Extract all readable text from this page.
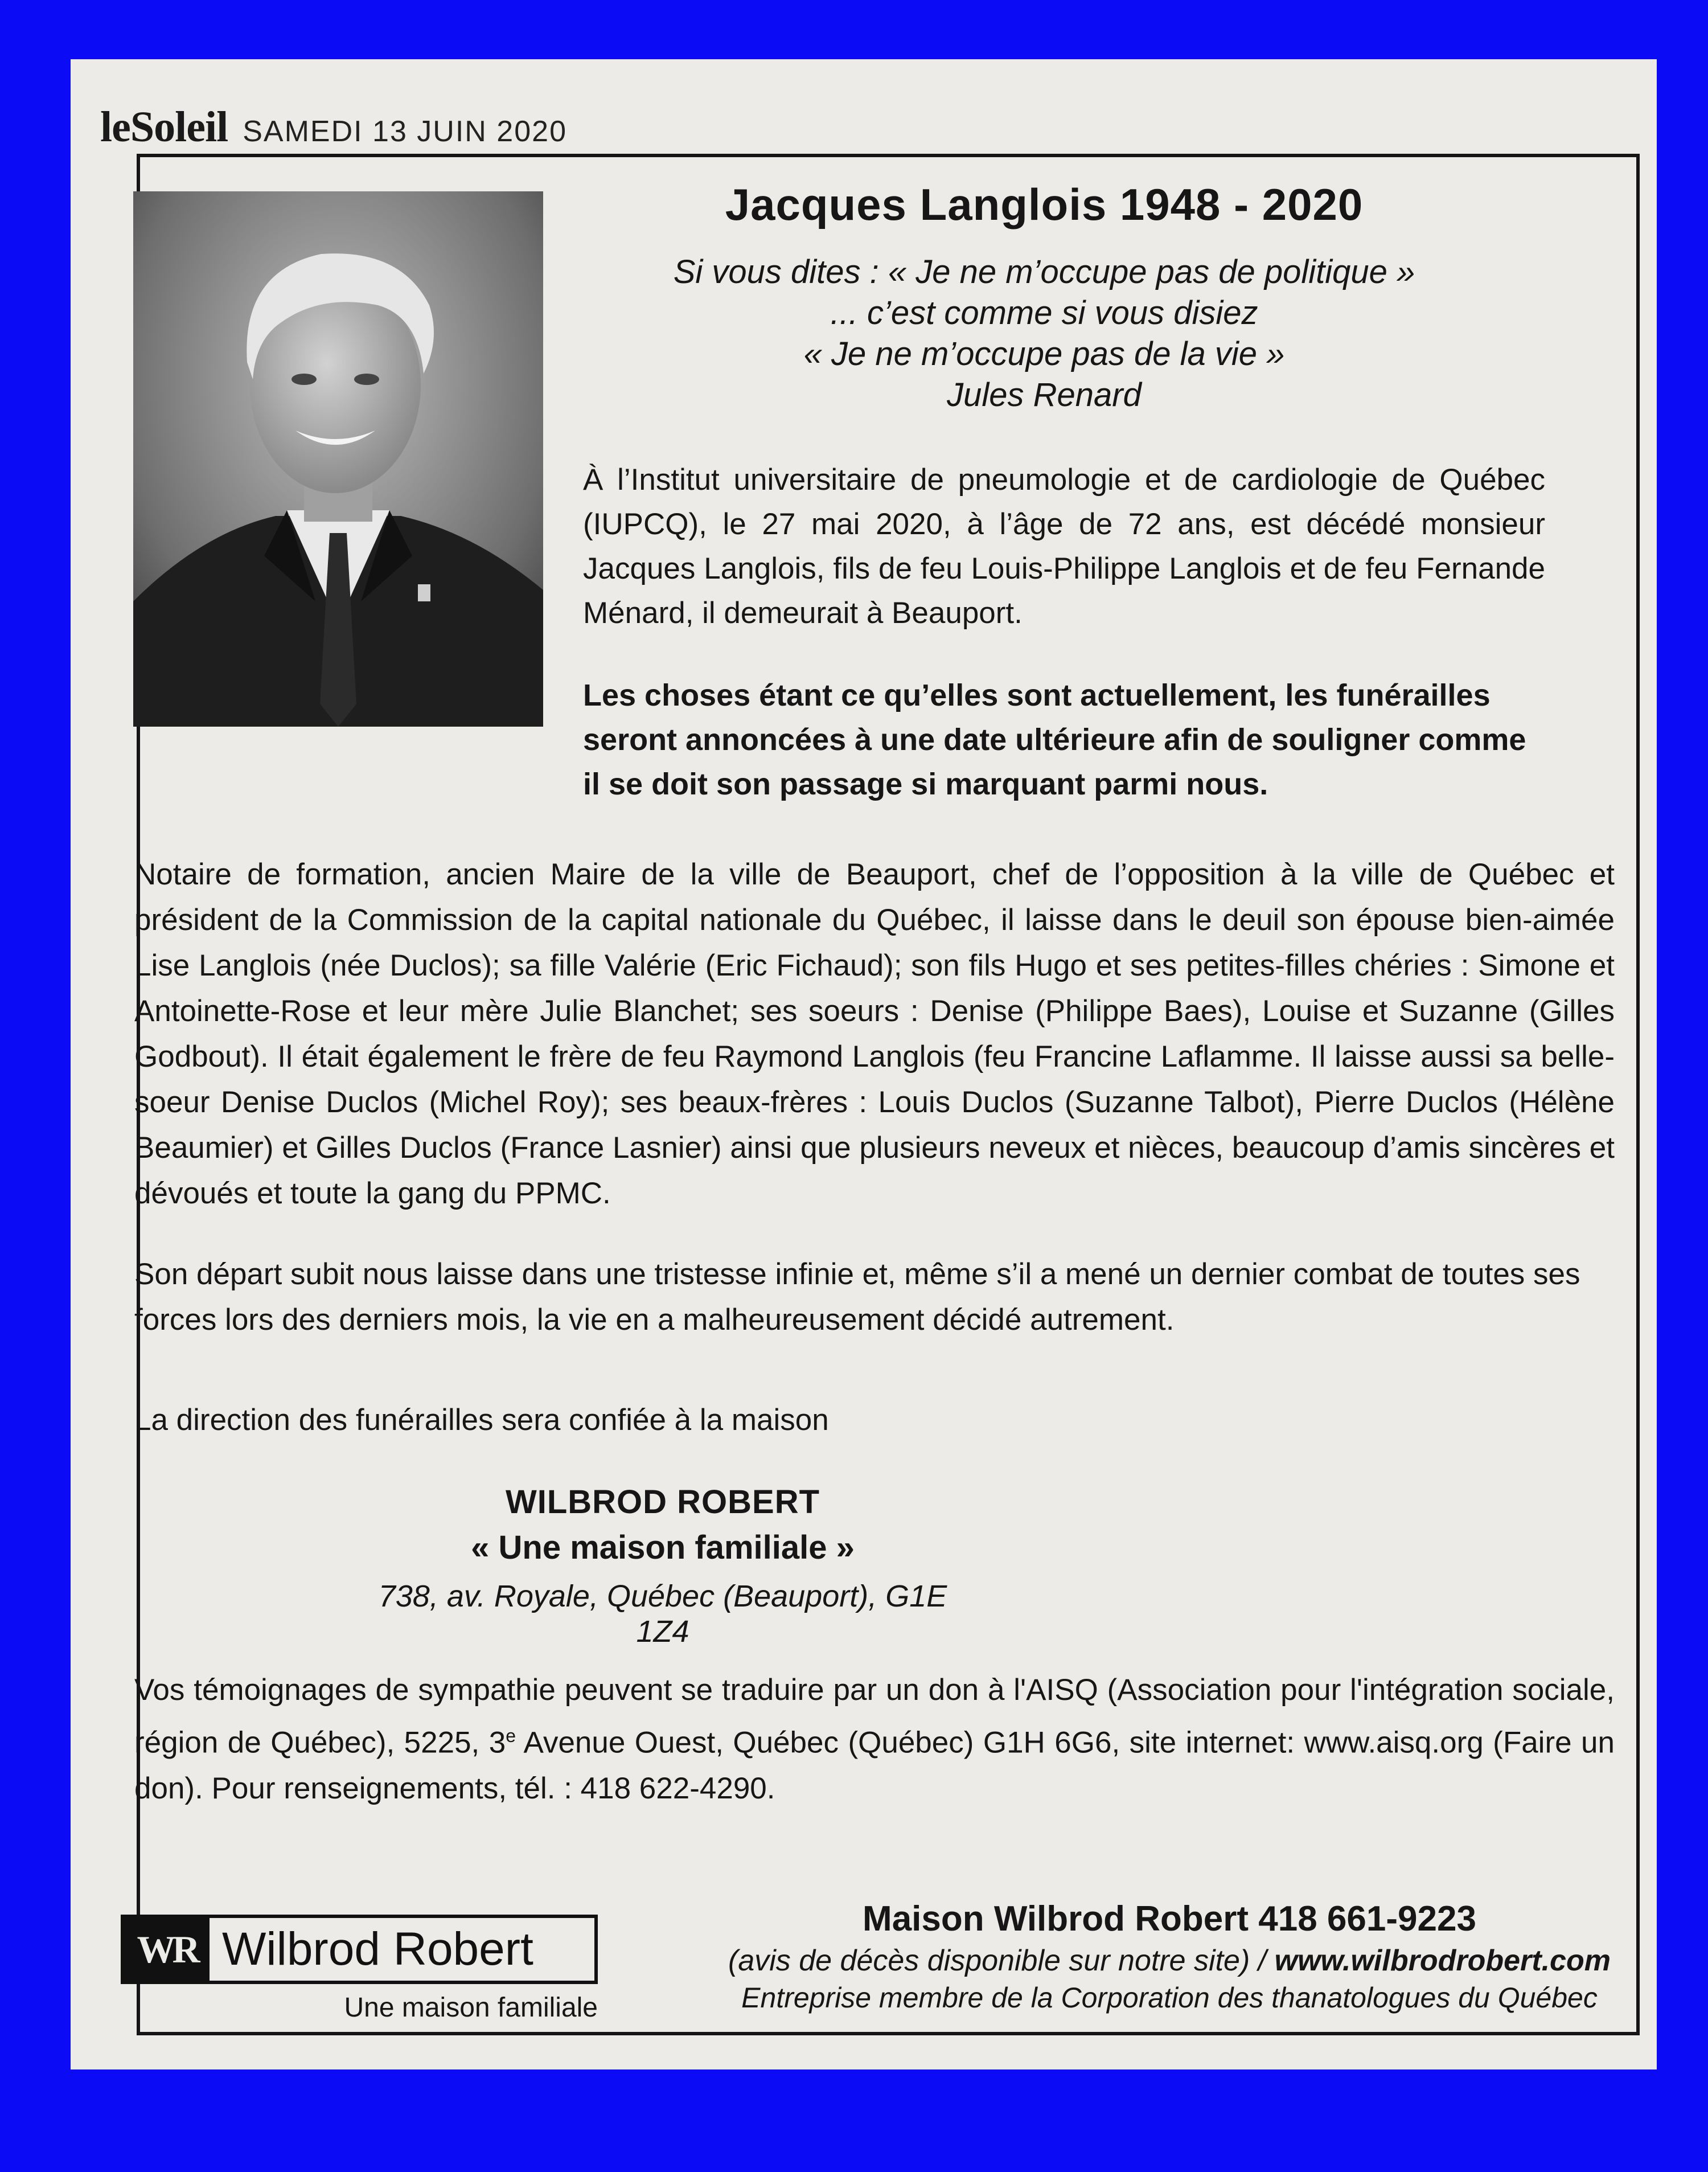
leSoleil SAMEDI 13 JUIN 2020
Jacques Langlois 1948 - 2020
Si vous dites : « Je ne m’occupe pas de politique »
... c’est comme si vous disiez
« Je ne m’occupe pas de la vie »
Jules Renard
À l’Institut universitaire de pneumologie et de cardiologie de Québec (IUPCQ), le 27 mai 2020, à l’âge de 72 ans, est décédé monsieur Jacques Langlois, fils de feu Louis-Philippe Langlois et de feu Fernande Ménard, il demeurait à Beauport.
Les choses étant ce qu’elles sont actuellement, les funérailles seront annoncées à une date ultérieure afin de souligner comme il se doit son passage si marquant parmi nous.
Notaire de formation, ancien Maire de la ville de Beauport, chef de l’opposition à la ville de Québec et président de la Commission de la capital nationale du Québec, il laisse dans le deuil son épouse bien-aimée Lise Langlois (née Duclos); sa fille Valérie (Eric Fichaud); son fils Hugo et ses petites-filles chéries : Simone et Antoinette-Rose et leur mère Julie Blanchet; ses soeurs : Denise (Philippe Baes), Louise et Suzanne (Gilles Godbout). Il était également le frère de feu Raymond Langlois (feu Francine Laflamme. Il laisse aussi sa belle-soeur Denise Duclos (Michel Roy); ses beaux-frères : Louis Duclos (Suzanne Talbot), Pierre Duclos (Hélène Beaumier) et Gilles Duclos (France Lasnier) ainsi que plusieurs neveux et nièces, beaucoup d’amis sincères et dévoués et toute la gang du PPMC.
Son départ subit nous laisse dans une tristesse infinie et, même s’il a mené un dernier combat de toutes ses forces lors des derniers mois, la vie en a malheureusement décidé autrement.
La direction des funérailles sera confiée à la maison
WILBROD ROBERT
« Une maison familiale »
738, av. Royale, Québec (Beauport), G1E 1Z4
Vos témoignages de sympathie peuvent se traduire par un don à l'AISQ (Association pour l'intégration sociale, région de Québec), 5225, 3e Avenue Ouest, Québec (Québec) G1H 6G6, site internet: www.aisq.org (Faire un don). Pour renseignements, tél. : 418 622-4290.
WR Wilbrod Robert
Une maison familiale
Maison Wilbrod Robert 418 661-9223
(avis de décès disponible sur notre site) / www.wilbrodrobert.com
Entreprise membre de la Corporation des thanatologues du Québec
